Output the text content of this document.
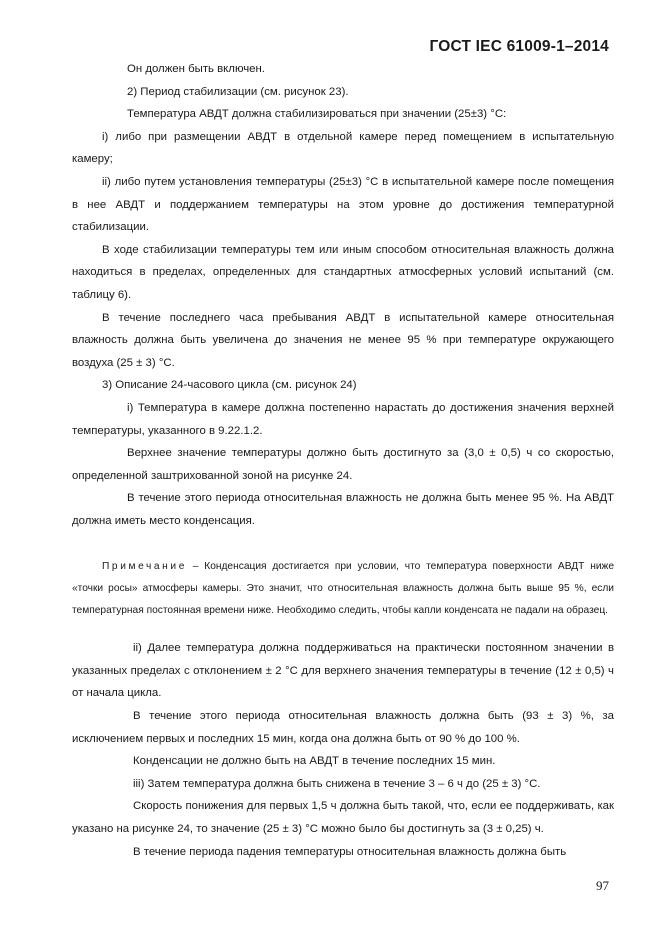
ГОСТ IEC 61009-1–2014

Он должен быть включен.

2) Период стабилизации (см. рисунок 23).

Температура АВДТ должна стабилизироваться при значении (25±3) °С:

i) либо при размещении АВДТ в отдельной камере перед помещением в испытательную камеру;

ii) либо путем установления температуры (25±3) °С в испытательной камере после помещения в нее АВДТ и поддержанием температуры на этом уровне до достижения температурной стабилизации.

В ходе стабилизации температуры тем или иным способом относительная влажность должна находиться в пределах, определенных для стандартных атмосферных условий испытаний (см. таблицу 6).

В течение последнего часа пребывания АВДТ в испытательной камере относительная влажность должна быть увеличена до значения не менее 95 % при температуре окружающего воздуха (25 ± 3) °С.

3) Описание 24-часового цикла (см. рисунок 24)

i) Температура в камере должна постепенно нарастать до достижения значения верхней температуры, указанного в 9.22.1.2.

Верхнее значение температуры должно быть достигнуто за (3,0 ± 0,5) ч со скоростью, определенной заштрихованной зоной на рисунке 24.

В течение этого периода относительная влажность не должна быть менее 95 %. На АВДТ должна иметь место конденсация.

Примечание – Конденсация достигается при условии, что температура поверхности АВДТ ниже «точки росы» атмосферы камеры. Это значит, что относительная влажность должна быть выше 95 %, если температурная постоянная времени ниже. Необходимо следить, чтобы капли конденсата не падали на образец.

ii) Далее температура должна поддерживаться на практически постоянном значении в указанных пределах с отклонением ± 2 °С для верхнего значения температуры в течение (12 ± 0,5) ч от начала цикла.

В течение этого периода относительная влажность должна быть (93 ± 3) %, за исключением первых и последних 15 мин, когда она должна быть от 90 % до 100 %.

Конденсации не должно быть на АВДТ в течение последних 15 мин.

iii) Затем температура должна быть снижена в течение 3 – 6 ч до (25 ± 3) °С.

Скорость понижения для первых 1,5 ч должна быть такой, что, если ее поддерживать, как указано на рисунке 24, то значение (25 ± 3) °С можно было бы достигнуть за (3 ± 0,25) ч.

В течение периода падения температуры относительная влажность должна быть

97
